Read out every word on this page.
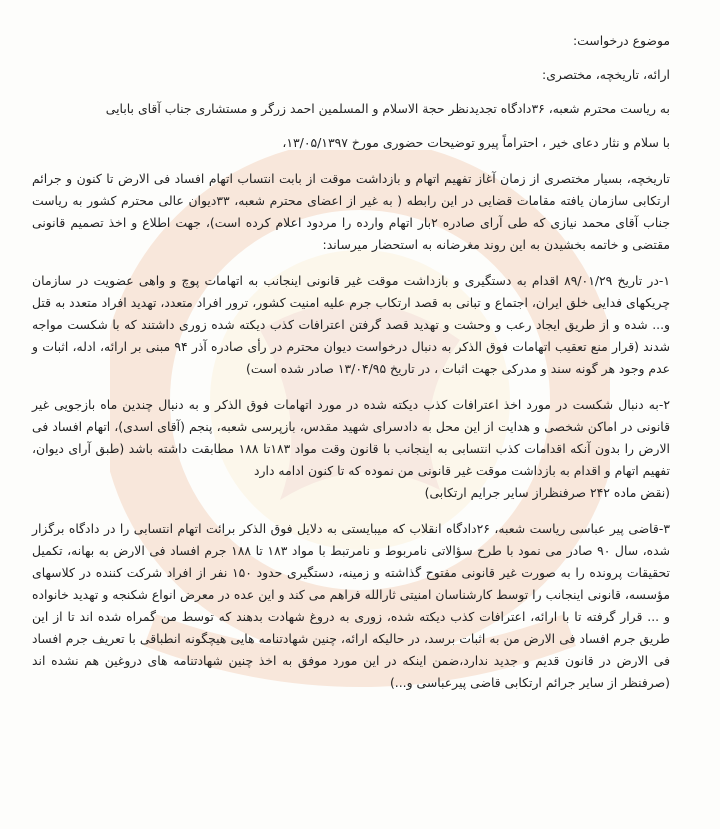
موضوع درخواست:

ارائه، تاریخچه، مختصری:

به ریاست محترم شعبه، ۳۶دادگاه تجدیدنظر حجة الاسلام و المسلمین احمد زرگر و مستشاری جناب آقای بابایی

با سلام و نثار دعای خیر ، احتراماً پیرو توضیحات حضوری مورخ ۱۳/۰۵/۱۳۹۷،

تاریخچه، بسیار مختصری از زمان آغاز تفهیم اتهام و بازداشت موقت از بابت انتساب اتهام افساد فی الارض تا کنون و جرائم ارتکابی سازمان یافته مقامات قضایی در این رابطه ( به غیر از اعضای محترم شعبه، ۳۳دیوان عالی محترم کشور به ریاست جناب آقای محمد نیازی که طی آرای صادره ۲بار اتهام وارده را مردود اعلام کرده است)، جهت اطلاع و اخذ تصمیم قانونی مقتضی و خاتمه بخشیدن به این روند مغرضانه به استحضار میرساند:

۱-در تاریخ ۸۹/۰۱/۲۹ اقدام به دستگیری و بازداشت موقت غیر قانونی اینجانب به اتهامات پوچ و واهی عضویت در سازمان چریکهای فدایی خلق ایران، اجتماع و تبانی به قصد ارتکاب جرم علیه امنیت کشور، ترور افراد متعدد، تهدید افراد متعدد به قتل و... شده و از طریق ایجاد رعب و وحشت و تهدید قصد گرفتن اعترافات کذب دیکته شده زوری داشتند که با شکست مواجه شدند (قرار منع تعقیب اتهامات فوق الذکر به دنبال درخواست دیوان محترم در رأی صادره آذر ۹۴ مبنی بر ارائه، ادله، اثبات و عدم وجود هر گونه سند و مدرکی جهت اثبات ، در تاریخ ۱۳/۰۴/۹۵ صادر شده است)

۲-به دنبال شکست در مورد اخذ اعترافات کذب دیکته شده در مورد اتهامات فوق الذکر و به دنبال چندین ماه بازجویی غیر قانونی در اماکن شخصی و هدایت از این محل به دادسرای شهید مقدس، بازپرسی شعبه، پنجم (آقای اسدی)، اتهام افساد فی الارض را بدون آنکه اقدامات کذب انتسابی به اینجانب با قانون وقت مواد ۱۸۳تا ۱۸۸ مطابقت داشته باشد (طبق آرای دیوان، تفهیم اتهام و اقدام به بازداشت موقت غیر قانونی من نموده که تا کنون ادامه دارد

(نقض ماده ۲۴۲ صرفنظراز سایر جرایم ارتکابی)

۳-قاضی پیر عباسی ریاست شعبه، ۲۶دادگاه انقلاب که میبایستی به دلایل فوق الذکر برائت اتهام انتسابی را در دادگاه برگزار شده، سال ۹۰ صادر می نمود با طرح سؤالاتی نامربوط و نامرتبط با مواد ۱۸۳ تا ۱۸۸ جرم افساد فی الارض به بهانه، تکمیل تحقیقات پرونده را به صورت غیر قانونی مفتوح گذاشته و زمینه، دستگیری حدود ۱۵۰ نفر از افراد شرکت کننده در کلاسهای مؤسسه، قانونی اینجانب را توسط کارشناسان امنیتی ثارالله فراهم می کند و این عده در معرض انواع شکنجه و تهدید خانواده و ... قرار گرفته تا با ارائه، اعترافات کذب دیکته شده، زوری به دروغ شهادت بدهند که توسط من گمراه شده اند تا از این طریق جرم افساد فی الارض من به اثبات برسد، در حالیکه ارائه، چنین شهادتنامه هایی هیچگونه انطباقی با تعریف جرم افساد فی الارض در قانون قدیم و جدید ندارد،ضمن اینکه در این مورد موفق به اخذ چنین شهادتنامه های دروغین هم نشده اند (صرفنظر از سایر جرائم ارتکابی قاضی پیرعباسی و...)
